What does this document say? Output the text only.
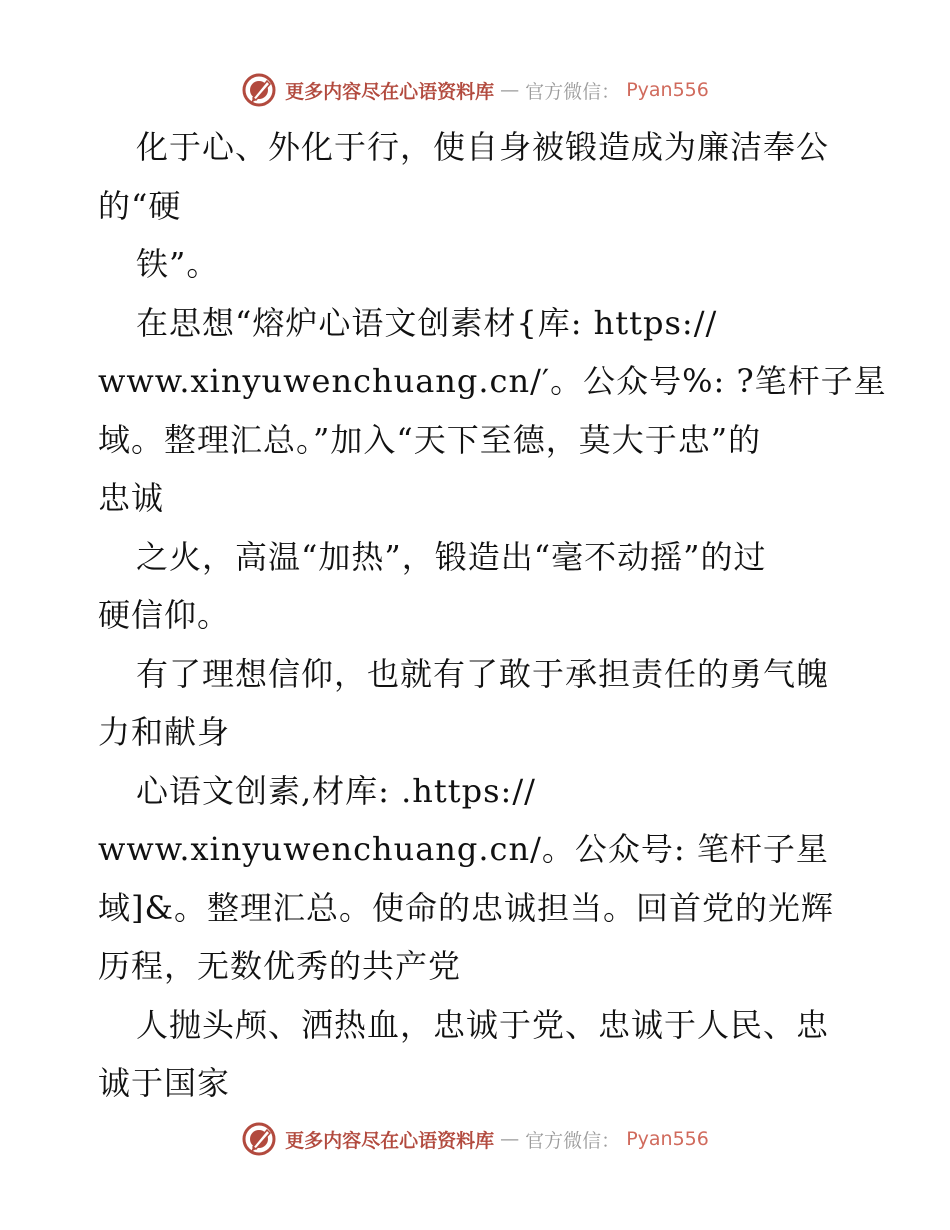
更多内容尽在心语资料库 — 官方微信： Pyan556
化于心、外化于行，使自身被锻造成为廉洁奉公
的“硬
铁”。
在思想“熔炉心语文创素材{库: https://
www.xinyuwenchuang.cn/′。公众号%: ?笔杆子星
域。整理汇总。”加入“天下至德，莫大于忠”的
忠诚
之火，高温“加热”，锻造出“毫不动摇”的过
硬信仰。
有了理想信仰，也就有了敢于承担责任的勇气魄
力和献身
心语文创素,材库: .https://
www.xinyuwenchuang.cn/。公众号: 笔杆子星
域]&。整理汇总。使命的忠诚担当。回首党的光辉
历程，无数优秀的共产党
人抛头颅、洒热血，忠诚于党、忠诚于人民、忠
诚于国家
更多内容尽在心语资料库 — 官方微信： Pyan556
